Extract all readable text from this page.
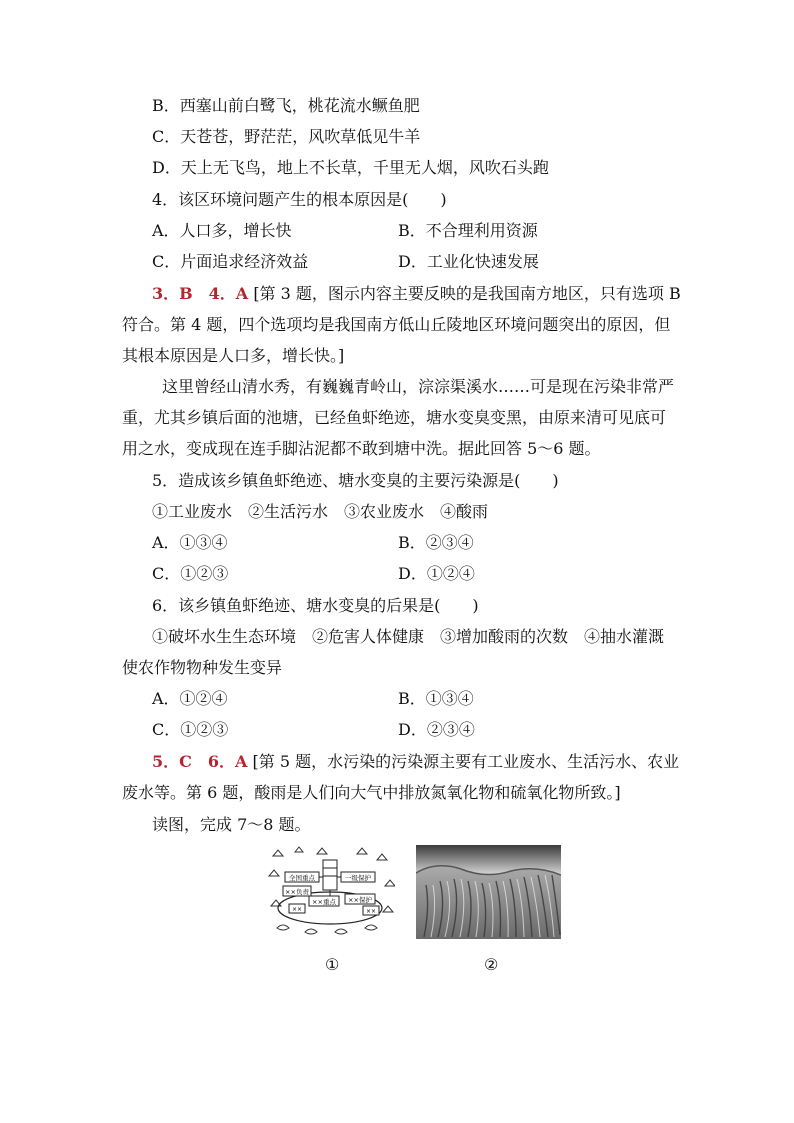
B．西塞山前白鹭飞，桃花流水鳜鱼肥
C．天苍苍，野茫茫，风吹草低见牛羊
D．天上无飞鸟，地上不长草，千里无人烟，风吹石头跑
4．该区环境问题产生的根本原因是(　　)
A．人口多，增长快	B．不合理利用资源
C．片面追求经济效益	D．工业化快速发展
3．B　4．A [第 3 题，图示内容主要反映的是我国南方地区，只有选项 B
符合。第 4 题，四个选项均是我国南方低山丘陵地区环境问题突出的原因，但
其根本原因是人口多，增长快。]
这里曾经山清水秀，有巍巍青岭山，淙淙渠溪水……可是现在污染非常严
重，尤其乡镇后面的池塘，已经鱼虾绝迹，塘水变臭变黑，由原来清可见底可
用之水，变成现在连手脚沾泥都不敢到塘中洗。据此回答 5～6 题。
5．造成该乡镇鱼虾绝迹、塘水变臭的主要污染源是(　　)
①工业废水　②生活污水　③农业废水　④酸雨
A．①③④	B．②③④
C．①②③	D．①②④
6．该乡镇鱼虾绝迹、塘水变臭的后果是(　　)
①破坏水生生态环境　②危害人体健康　③增加酸雨的次数　④抽水灌溉
使农作物物种发生变异
A．①②④	B．①③④
C．①②③	D．②③④
5．C　6．A [第 5 题，水污染的污染源主要有工业废水、生活污水、农业
废水等。第 6 题，酸雨是人们向大气中排放氮氧化物和硫氧化物所致。]
读图，完成 7～8 题。
全国重点	一级保护
××负责
××重点 ××保护
××	××
①	②
